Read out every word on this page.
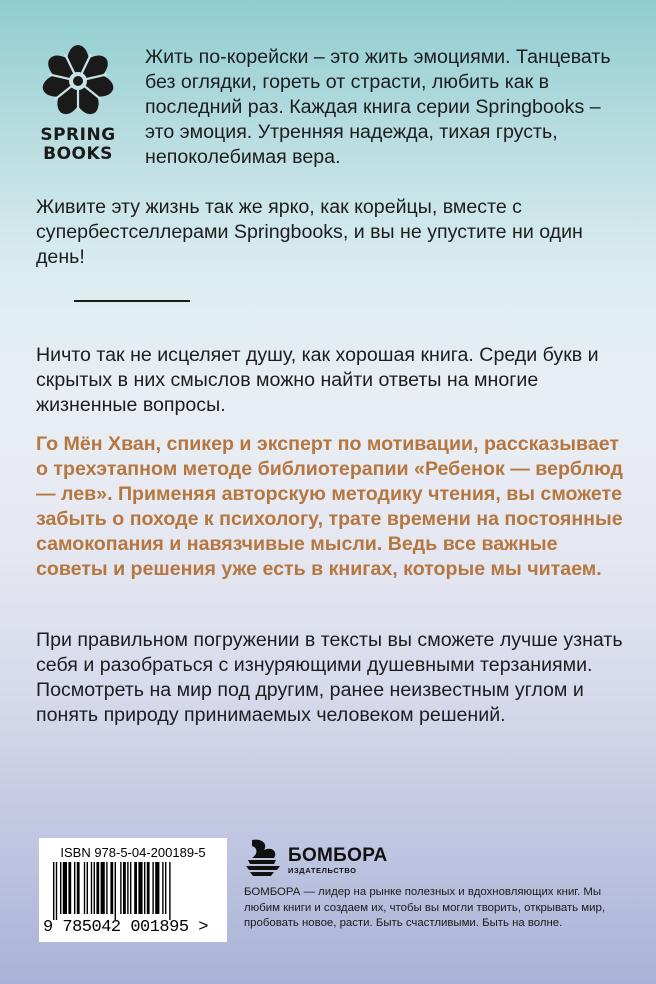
SPRING
BOOKS

Жить по-корейски – это жить эмоциями. Танцевать без оглядки, гореть от страсти, любить как в последний раз. Каждая книга серии Springbooks – это эмоция. Утренняя надежда, тихая грусть, непоколебимая вера.

Живите эту жизнь так же ярко, как корейцы, вместе с супербестселлерами Springbooks, и вы не упустите ни один день!

Ничто так не исцеляет душу, как хорошая книга. Среди букв и скрытых в них смыслов можно найти ответы на многие жизненные вопросы.

Го Мён Хван, спикер и эксперт по мотивации, рассказывает о трехэтапном методе библиотерапии «Ребенок — верблюд — лев». Применяя авторскую методику чтения, вы сможете забыть о походе к психологу, трате времени на постоянные самокопания и навязчивые мысли. Ведь все важные советы и решения уже есть в книгах, которые мы читаем.

При правильном погружении в тексты вы сможете лучше узнать себя и разобраться с изнуряющими душевными терзаниями. Посмотреть на мир под другим, ранее неизвестным углом и понять природу принимаемых человеком решений.

ISBN 978-5-04-200189-5
9 785042 001895 >
БОМБОРА
ИЗДАТЕЛЬСТВО

БОМБОРА — лидер на рынке полезных и вдохновляющих книг. Мы любим книги и создаем их, чтобы вы могли творить, открывать мир, пробовать новое, расти. Быть счастливыми. Быть на волне.
